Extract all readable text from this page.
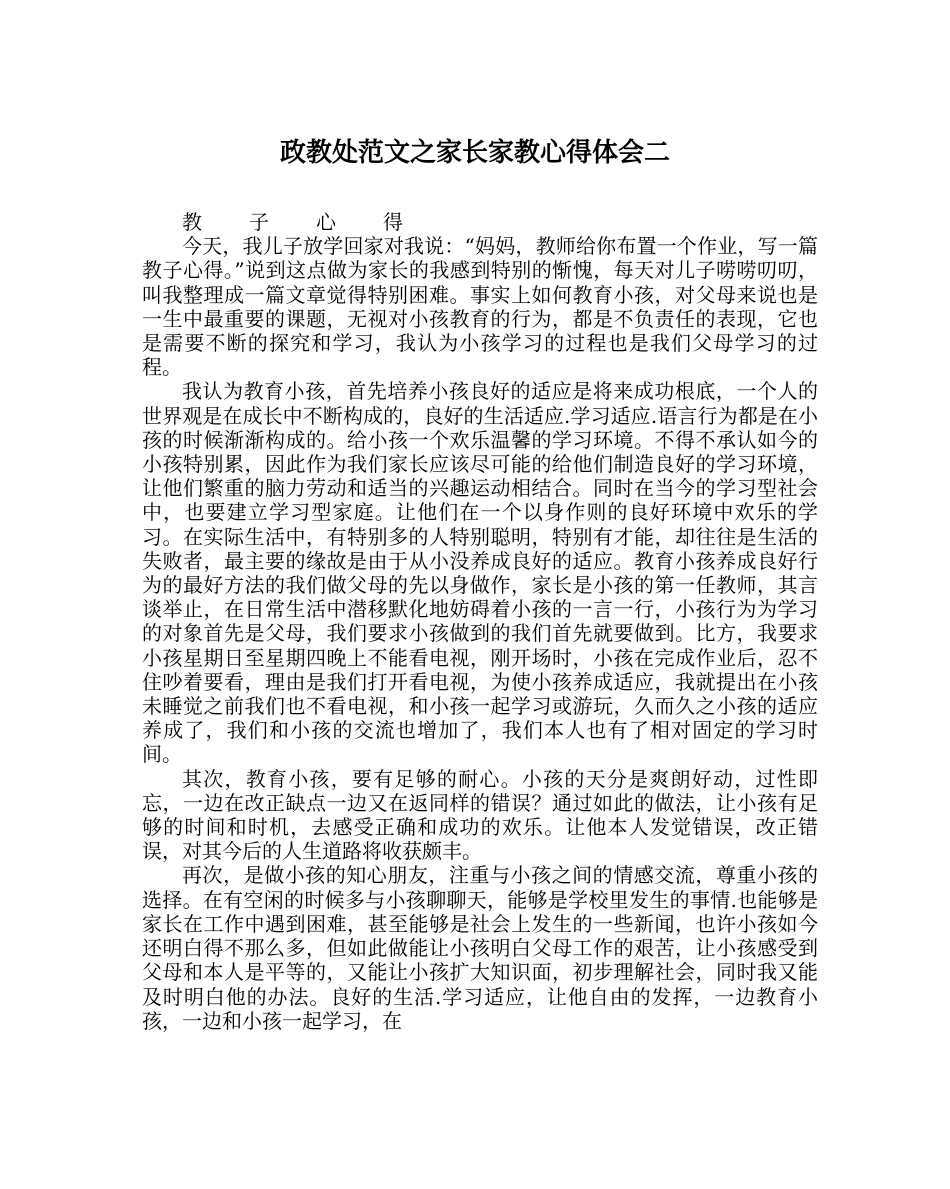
政教处范文之家长家教心得体会二
教 子 心 得

今天，我儿子放学回家对我说：“妈妈，教师给你布置一个作业，写一篇教子心得。”说到这点做为家长的我感到特别的惭愧，每天对儿子唠唠叨叨，叫我整理成一篇文章觉得特别困难。事实上如何教育小孩，对父母来说也是一生中最重要的课题，无视对小孩教育的行为，都是不负责任的表现，它也是需要不断的探究和学习，我认为小孩学习的过程也是我们父母学习的过程。

我认为教育小孩，首先培养小孩良好的适应是将来成功根底，一个人的世界观是在成长中不断构成的，良好的生活适应.学习适应.语言行为都是在小孩的时候渐渐构成的。给小孩一个欢乐温馨的学习环境。不得不承认如今的小孩特别累，因此作为我们家长应该尽可能的给他们制造良好的学习环境，让他们繁重的脑力劳动和适当的兴趣运动相结合。同时在当今的学习型社会中，也要建立学习型家庭。让他们在一个以身作则的良好环境中欢乐的学习。在实际生活中，有特别多的人特别聪明，特别有才能，却往往是生活的失败者，最主要的缘故是由于从小没养成良好的适应。教育小孩养成良好行为的最好方法的我们做父母的先以身做作，家长是小孩的第一任教师，其言谈举止，在日常生活中潜移默化地妨碍着小孩的一言一行，小孩行为为学习的对象首先是父母，我们要求小孩做到的我们首先就要做到。比方，我要求小孩星期日至星期四晚上不能看电视，刚开场时，小孩在完成作业后，忍不住吵着要看，理由是我们打开看电视，为使小孩养成适应，我就提出在小孩未睡觉之前我们也不看电视，和小孩一起学习或游玩，久而久之小孩的适应养成了，我们和小孩的交流也增加了，我们本人也有了相对固定的学习时间。

其次，教育小孩，要有足够的耐心。小孩的天分是爽朗好动，过性即忘，一边在改正缺点一边又在返同样的错误？通过如此的做法，让小孩有足够的时间和时机，去感受正确和成功的欢乐。让他本人发觉错误，改正错误，对其今后的人生道路将收获颇丰。

再次，是做小孩的知心朋友，注重与小孩之间的情感交流，尊重小孩的选择。在有空闲的时候多与小孩聊聊天，能够是学校里发生的事情.也能够是家长在工作中遇到困难，甚至能够是社会上发生的一些新闻，也许小孩如今还明白得不那么多，但如此做能让小孩明白父母工作的艰苦，让小孩感受到父母和本人是平等的，又能让小孩扩大知识面，初步理解社会，同时我又能及时明白他的办法。良好的生活.学习适应，让他自由的发挥，一边教育小孩，一边和小孩一起学习，在
